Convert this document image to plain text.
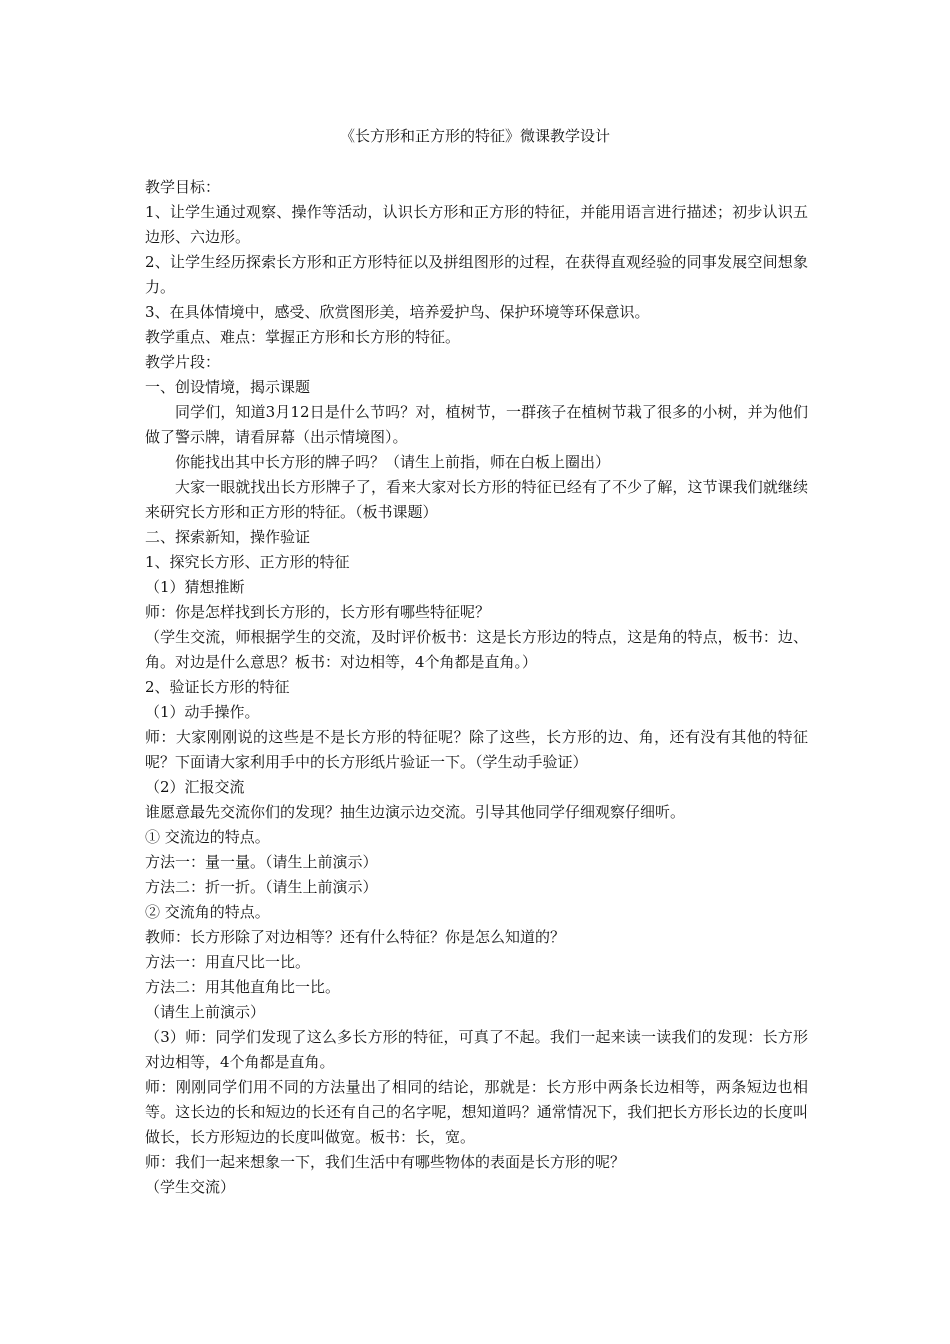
《长方形和正方形的特征》微课教学设计

教学目标：

1、让学生通过观察、操作等活动，认识长方形和正方形的特征，并能用语言进行描述；初步认识五边形、六边形。

2、让学生经历探索长方形和正方形特征以及拼组图形的过程，在获得直观经验的同事发展空间想象力。

3、在具体情境中，感受、欣赏图形美，培养爱护鸟、保护环境等环保意识。

教学重点、难点：掌握正方形和长方形的特征。

教学片段：

一、创设情境，揭示课题

同学们，知道3月12日是什么节吗？对，植树节，一群孩子在植树节栽了很多的小树，并为他们做了警示牌，请看屏幕（出示情境图）。

你能找出其中长方形的牌子吗？（请生上前指，师在白板上圈出）

大家一眼就找出长方形牌子了，看来大家对长方形的特征已经有了不少了解，这节课我们就继续来研究长方形和正方形的特征。（板书课题）

二、探索新知，操作验证

1、探究长方形、正方形的特征

（1）猜想推断

师：你是怎样找到长方形的，长方形有哪些特征呢？

（学生交流，师根据学生的交流，及时评价板书：这是长方形边的特点，这是角的特点，板书：边、角。对边是什么意思？板书：对边相等，4个角都是直角。）

2、验证长方形的特征

（1）动手操作。

师：大家刚刚说的这些是不是长方形的特征呢？除了这些，长方形的边、角，还有没有其他的特征呢？下面请大家利用手中的长方形纸片验证一下。（学生动手验证）

（2）汇报交流

谁愿意最先交流你们的发现？抽生边演示边交流。引导其他同学仔细观察仔细听。

① 交流边的特点。

方法一：量一量。（请生上前演示）

方法二：折一折。（请生上前演示）

② 交流角的特点。

教师：长方形除了对边相等？还有什么特征？你是怎么知道的？

方法一：用直尺比一比。

方法二：用其他直角比一比。

（请生上前演示）

（3）师：同学们发现了这么多长方形的特征，可真了不起。我们一起来读一读我们的发现：长方形对边相等，4个角都是直角。

师：刚刚同学们用不同的方法量出了相同的结论，那就是：长方形中两条长边相等，两条短边也相等。这长边的长和短边的长还有自己的名字呢，想知道吗？通常情况下，我们把长方形长边的长度叫做长，长方形短边的长度叫做宽。板书：长，宽。

师：我们一起来想象一下，我们生活中有哪些物体的表面是长方形的呢？

（学生交流）
